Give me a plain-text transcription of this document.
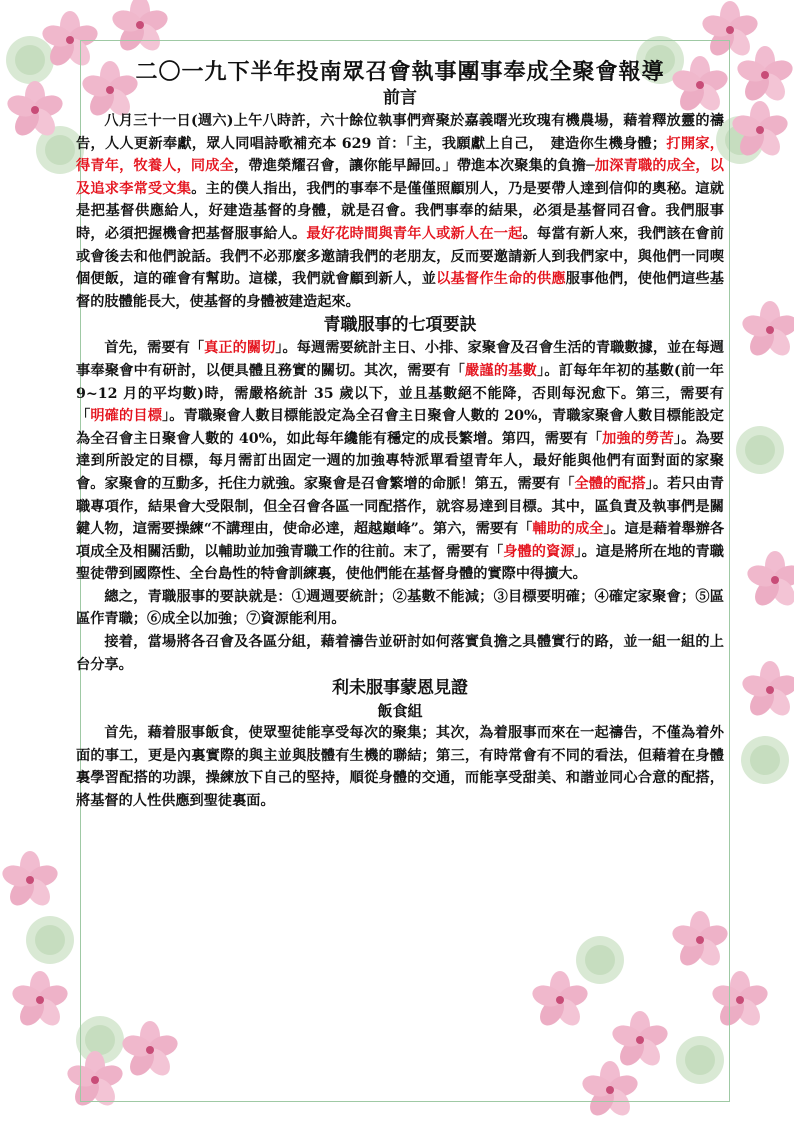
二〇一九下半年投南眾召會執事團事奉成全聚會報導
前言

八月三十一日(週六)上午八時許，六十餘位執事們齊聚於嘉義曙光玫瑰有機農場，藉着釋放靈的禱告，人人更新奉獻，眾人同唱詩歌補充本 629 首：「主，我願獻上自己，　建造你生機身體；打開家，得青年，牧養人，同成全，帶進榮耀召會，讓你能早歸回。」帶進本次聚集的負擔─加深青職的成全，以及追求李常受文集。主的僕人指出，我們的事奉不是僅僅照顧別人，乃是要帶人達到信仰的奧秘。這就是把基督供應給人，好建造基督的身體，就是召會。我們事奉的結果，必須是基督同召會。我們服事時，必須把握機會把基督服事給人。最好花時間與青年人或新人在一起。每當有新人來，我們該在會前或會後去和他們說話。我們不必那麼多邀請我們的老朋友，反而要邀請新人到我們家中，與他們一同喫個便飯，這的確會有幫助。這樣，我們就會顧到新人，並以基督作生命的供應服事他們，使他們這些基督的肢體能長大，使基督的身體被建造起來。

青職服事的七項要訣

首先，需要有「真正的關切」。每週需要統計主日、小排、家聚會及召會生活的青職數據，並在每週事奉聚會中有研討，以便具體且務實的關切。其次，需要有「嚴謹的基數」。訂每年年初的基數(前一年 9~12 月的平均數)時，需嚴格統計 35 歲以下，並且基數絕不能降，否則每況愈下。第三，需要有「明確的目標」。青職聚會人數目標能設定為全召會主日聚會人數的 20%，青職家聚會人數目標能設定為全召會主日聚會人數的 40%，如此每年纔能有穩定的成長繁增。第四，需要有「加強的勞苦」。為要達到所設定的目標，每月需訂出固定一週的加強專特派單看望青年人，最好能與他們有面對面的家聚會。家聚會的互動多，托住力就強。家聚會是召會繁增的命脈！第五，需要有「全體的配搭」。若只由青職專項作，結果會大受限制，但全召會各區一同配搭作，就容易達到目標。其中，區負責及執事們是關鍵人物，這需要操練“不講理由，使命必達，超越巔峰”。第六，需要有「輔助的成全」。這是藉着舉辦各項成全及相關活動，以輔助並加強青職工作的往前。末了，需要有「身體的資源」。這是將所在地的青職聖徒帶到國際性、全台島性的特會訓練裏，使他們能在基督身體的實際中得擴大。

總之，青職服事的要訣就是：①週週要統計；②基數不能減；③目標要明確；④確定家聚會；⑤區區作青職；⑥成全以加強；⑦資源能利用。

接着，當場將各召會及各區分組，藉着禱告並研討如何落實負擔之具體實行的路，並一組一組的上台分享。

利未服事蒙恩見證
飯食組

首先，藉着服事飯食，使眾聖徒能享受每次的聚集；其次，為着服事而來在一起禱告，不僅為着外面的事工，更是內裏實際的與主並與肢體有生機的聯結；第三，有時常會有不同的看法，但藉着在身體裏學習配搭的功課，操練放下自己的堅持，順從身體的交通，而能享受甜美、和諧並同心合意的配搭，將基督的人性供應到聖徒裏面。
